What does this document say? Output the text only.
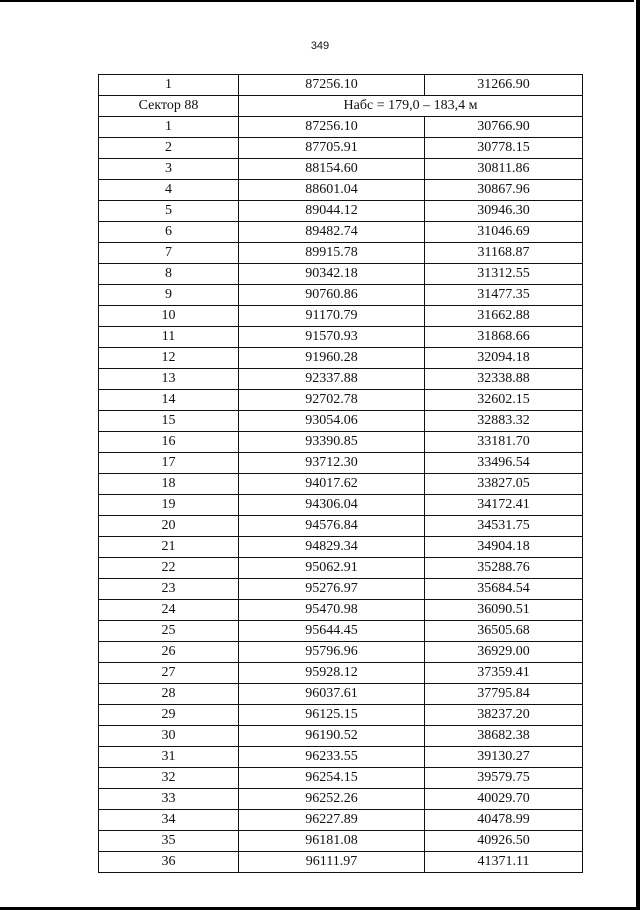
349
1	87256.10	31266.90
Сектор 88	Набс = 179,0 – 183,4 м	
1	87256.10	30766.90
2	87705.91	30778.15
3	88154.60	30811.86
4	88601.04	30867.96
5	89044.12	30946.30
6	89482.74	31046.69
7	89915.78	31168.87
8	90342.18	31312.55
9	90760.86	31477.35
10	91170.79	31662.88
11	91570.93	31868.66
12	91960.28	32094.18
13	92337.88	32338.88
14	92702.78	32602.15
15	93054.06	32883.32
16	93390.85	33181.70
17	93712.30	33496.54
18	94017.62	33827.05
19	94306.04	34172.41
20	94576.84	34531.75
21	94829.34	34904.18
22	95062.91	35288.76
23	95276.97	35684.54
24	95470.98	36090.51
25	95644.45	36505.68
26	95796.96	36929.00
27	95928.12	37359.41
28	96037.61	37795.84
29	96125.15	38237.20
30	96190.52	38682.38
31	96233.55	39130.27
32	96254.15	39579.75
33	96252.26	40029.70
34	96227.89	40478.99
35	96181.08	40926.50
36	96111.97	41371.11
